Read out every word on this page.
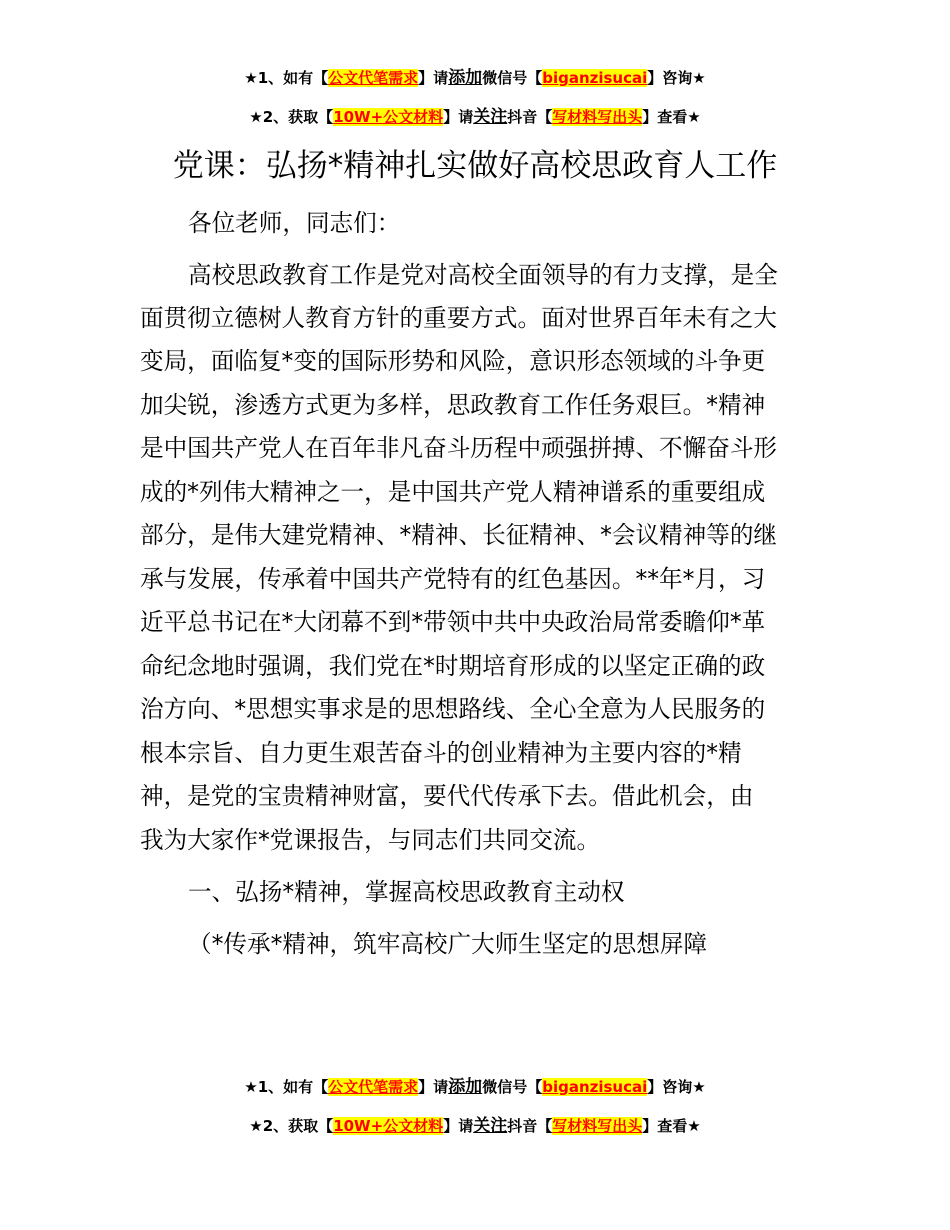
★1、如有【公文代笔需求】请添加微信号【biganzisucai】咨询★
★2、获取【10W+公文材料】请关注抖音【写材料写出头】查看★
党课：弘扬*精神扎实做好高校思政育人工作
各位老师，同志们：
高校思政教育工作是党对高校全面领导的有力支撑，是全
面贯彻立德树人教育方针的重要方式。面对世界百年未有之大
变局，面临复*变的国际形势和风险，意识形态领域的斗争更
加尖锐，渗透方式更为多样，思政教育工作任务艰巨。*精神
是中国共产党人在百年非凡奋斗历程中顽强拼搏、不懈奋斗形
成的*列伟大精神之一，是中国共产党人精神谱系的重要组成
部分，是伟大建党精神、*精神、长征精神、*会议精神等的继
承与发展，传承着中国共产党特有的红色基因。**年*月，习
近平总书记在*大闭幕不到*带领中共中央政治局常委瞻仰*革
命纪念地时强调，我们党在*时期培育形成的以坚定正确的政
治方向、*思想实事求是的思想路线、全心全意为人民服务的
根本宗旨、自力更生艰苦奋斗的创业精神为主要内容的*精
神，是党的宝贵精神财富，要代代传承下去。借此机会，由
我为大家作*党课报告，与同志们共同交流。
一、弘扬*精神，掌握高校思政教育主动权
（*传承*精神，筑牢高校广大师生坚定的思想屏障
★1、如有【公文代笔需求】请添加微信号【biganzisucai】咨询★
★2、获取【10W+公文材料】请关注抖音【写材料写出头】查看★
